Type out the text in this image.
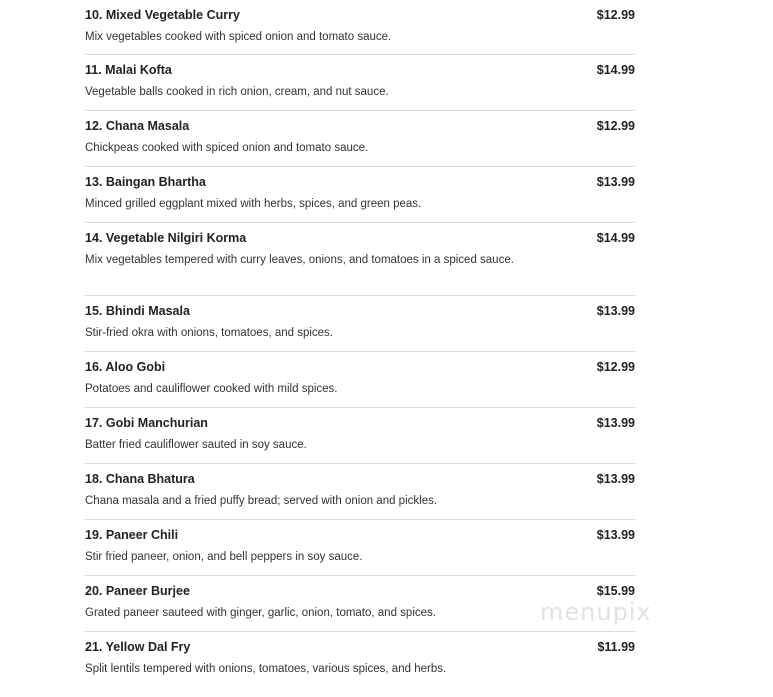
10. Mixed Vegetable Curry	$12.99
Mix vegetables cooked with spiced onion and tomato sauce.
11. Malai Kofta	$14.99
Vegetable balls cooked in rich onion, cream, and nut sauce.
12. Chana Masala	$12.99
Chickpeas cooked with spiced onion and tomato sauce.
13. Baingan Bhartha	$13.99
Minced grilled eggplant mixed with herbs, spices, and green peas.
14. Vegetable Nilgiri Korma	$14.99
Mix vegetables tempered with curry leaves, onions, and tomatoes in a spiced sauce.
15. Bhindi Masala	$13.99
Stir-fried okra with onions, tomatoes, and spices.
16. Aloo Gobi	$12.99
Potatoes and cauliflower cooked with mild spices.
17. Gobi Manchurian	$13.99
Batter fried cauliflower sauted in soy sauce.
18. Chana Bhatura	$13.99
Chana masala and a fried puffy bread; served with onion and pickles.
19. Paneer Chili	$13.99
Stir fried paneer, onion, and bell peppers in soy sauce.
20. Paneer Burjee	$15.99
Grated paneer sauteed with ginger, garlic, onion, tomato, and spices.
21. Yellow Dal Fry	$11.99
Split lentils tempered with onions, tomatoes, various spices, and herbs.
menupix
